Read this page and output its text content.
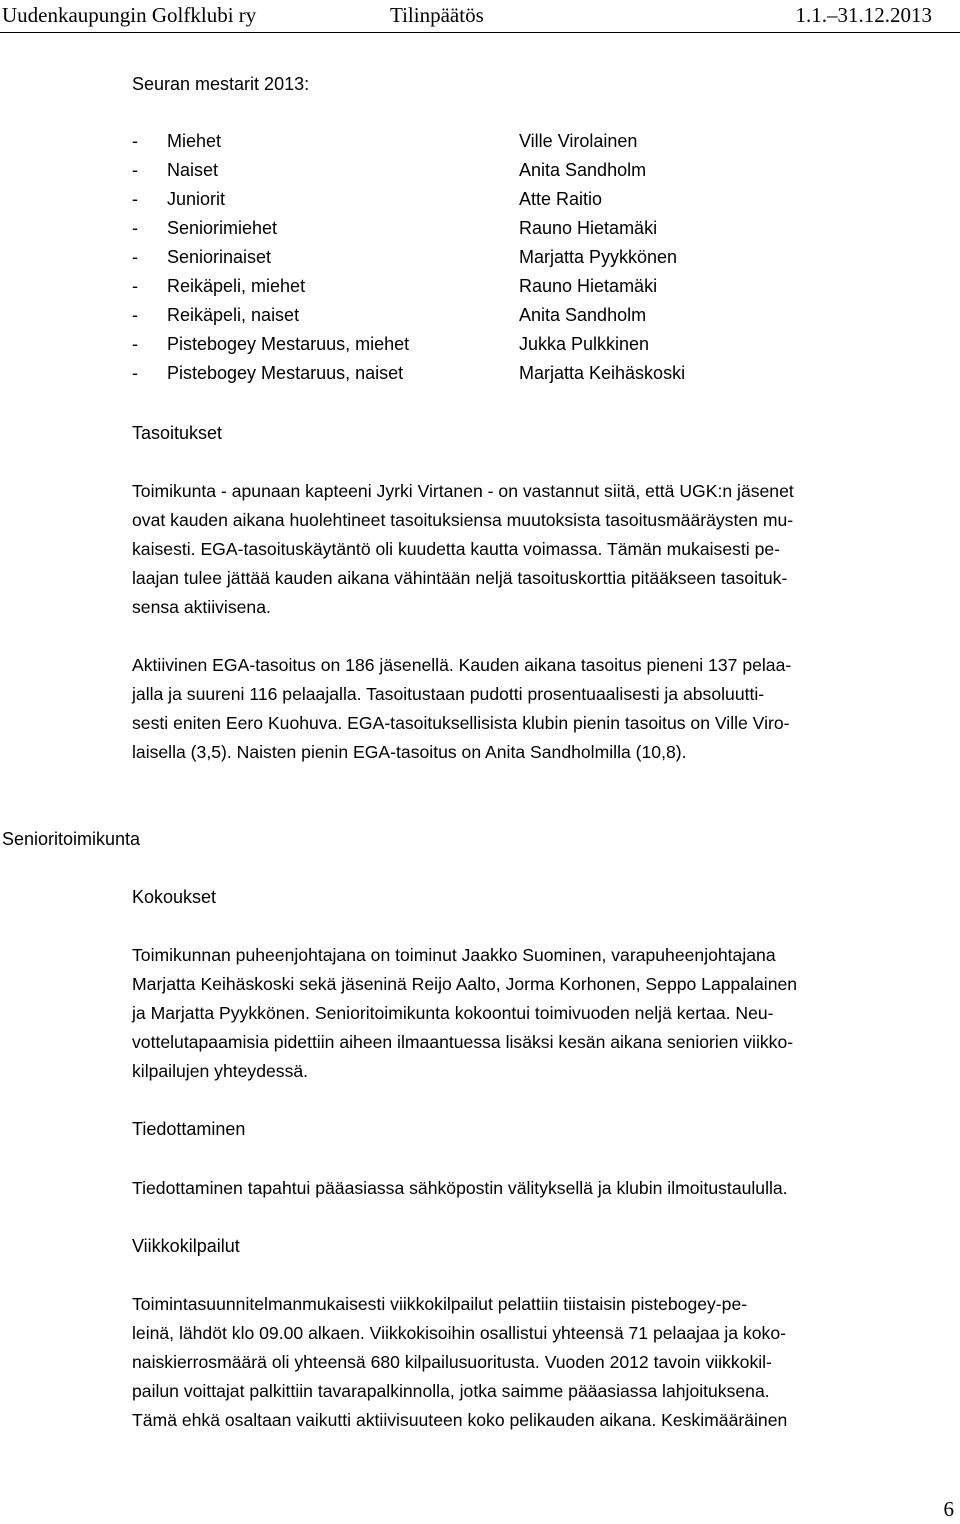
Uudenkaupungin Golfklubi ry	Tilinpäätös	1.1.–31.12.2013

Seuran mestarit 2013:

- Miehet	Ville Virolainen
- Naiset	Anita Sandholm
- Juniorit	Atte Raitio
- Seniorimiehet	Rauno Hietamäki
- Seniorinaiset	Marjatta Pyykkönen
- Reikäpeli, miehet	Rauno Hietamäki
- Reikäpeli, naiset	Anita Sandholm
- Pistebogey Mestaruus, miehet	Jukka Pulkkinen
- Pistebogey Mestaruus, naiset	Marjatta Keihäskoski

Tasoitukset

Toimikunta - apunaan kapteeni Jyrki Virtanen - on vastannut siitä, että UGK:n jäsenet
ovat kauden aikana huolehtineet tasoituksiensa muutoksista tasoitusmääräysten mu-
kaisesti. EGA-tasoituskäytäntö oli kuudetta kautta voimassa. Tämän mukaisesti pe-
laajan tulee jättää kauden aikana vähintään neljä tasoituskorttia pitääkseen tasoituk-
sensa aktiivisena.
Aktiivinen EGA-tasoitus on 186 jäsenellä. Kauden aikana tasoitus pieneni 137 pelaa-
jalla ja suureni 116 pelaajalla. Tasoitustaan pudotti prosentuaalisesti ja absoluutti-
sesti eniten Eero Kuohuva. EGA-tasoituksellisista klubin pienin tasoitus on Ville Viro-
laisella (3,5). Naisten pienin EGA-tasoitus on Anita Sandholmilla (10,8).

Senioritoimikunta

Kokoukset

Toimikunnan puheenjohtajana on toiminut Jaakko Suominen, varapuheenjohtajana
Marjatta Keihäskoski sekä jäseninä Reijo Aalto, Jorma Korhonen, Seppo Lappalainen
ja Marjatta Pyykkönen. Senioritoimikunta kokoontui toimivuoden neljä kertaa. Neu-
vottelutapaamisia pidettiin aiheen ilmaantuessa lisäksi kesän aikana seniorien viikko-
kilpailujen yhteydessä.

Tiedottaminen

Tiedottaminen tapahtui pääasiassa sähköpostin välityksellä ja klubin ilmoitustaululla.

Viikkokilpailut

Toimintasuunnitelmanmukaisesti viikkokilpailut pelattiin tiistaisin pistebogey-pe-
leinä, lähdöt klo 09.00 alkaen. Viikkokisoihin osallistui yhteensä 71 pelaajaa ja koko-
naiskierrosmäärä oli yhteensä 680 kilpailusuoritusta. Vuoden 2012 tavoin viikkokil-
pailun voittajat palkittiin tavarapalkinnolla, jotka saimme pääasiassa lahjoituksena.
Tämä ehkä osaltaan vaikutti aktiivisuuteen koko pelikauden aikana. Keskimääräinen
6
